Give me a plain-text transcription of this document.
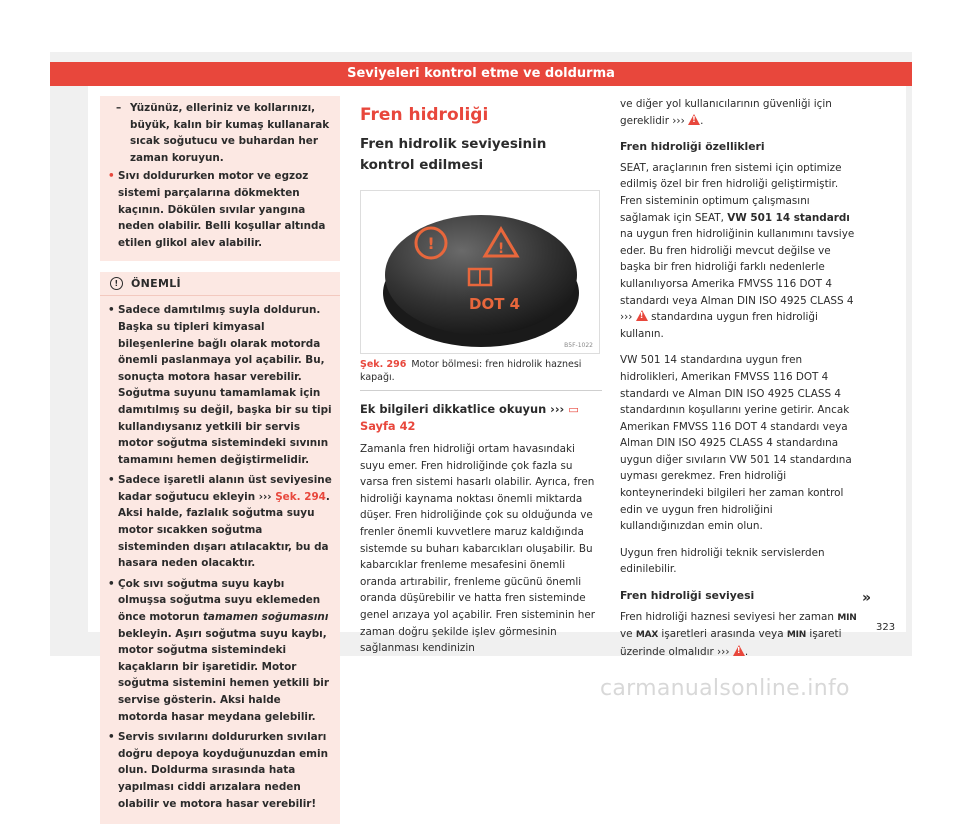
Seviyeleri kontrol etme ve doldurma
– Yüzünüz, elleriniz ve kollarınızı, büyük, kalın bir kumaş kullanarak sıcak soğutucu ve buhardan her zaman koruyun.
• Sıvı doldururken motor ve egzoz sistemi parçalarına dökmekten kaçının. Dökülen sıvılar yangına neden olabilir. Belli koşullar altında etilen glikol alev alabilir.
!	ÖNEMLİ
• Sadece damıtılmış suyla doldurun. Başka su tipleri kimyasal bileşenlerine bağlı olarak motorda önemli paslanmaya yol açabilir. Bu, sonuçta motora hasar verebilir. Soğutma suyunu tamamlamak için damıtılmış su değil, başka bir su tipi kullandıysanız yetkili bir servis motor soğutma sistemindeki sıvının tamamını hemen değiştirmelidir.
• Sadece işaretli alanın üst seviyesine kadar soğutucu ekleyin ››› Şek. 294. Aksi halde, fazlalık soğutma suyu motor sıcakken soğutma sisteminden dışarı atılacaktır, bu da hasara neden olacaktır.
• Çok sıvı soğutma suyu kaybı olmuşsa soğutma suyu eklemeden önce motorun tamamen soğumasını bekleyin. Aşırı soğutma suyu kaybı, motor soğutma sistemindeki kaçakların bir işaretidir. Motor soğutma sistemini hemen yetkili bir servise gösterin. Aksi halde motorda hasar meydana gelebilir.
• Servis sıvılarını doldururken sıvıları doğru depoya koyduğunuzdan emin olun. Doldurma sırasında hata yapılması ciddi arızalara neden olabilir ve motora hasar verebilir!
Fren hidroliği
Fren hidrolik seviyesinin kontrol edilmesi
!	!
DOT 4
B5F-1022
Şek. 296 Motor bölmesi: fren hidrolik haznesi kapağı.
Ek bilgileri dikkatlice okuyun ››› ▭ Sayfa 42
Zamanla fren hidroliği ortam havasındaki suyu emer. Fren hidroliğinde çok fazla su varsa fren sistemi hasarlı olabilir. Ayrıca, fren hidroliği kaynama noktası önemli miktarda düşer. Fren hidroliğinde çok su olduğunda ve frenler önemli kuvvetlere maruz kaldığında sistemde su buharı kabarcıkları oluşabilir. Bu kabarcıklar frenleme mesafesini önemli oranda artırabilir, frenleme gücünü önemli oranda düşürebilir ve hatta fren sisteminde genel arızaya yol açabilir. Fren sisteminin her zaman doğru şekilde işlev görmesinin sağlanması kendinizin

ve diğer yol kullanıcılarının güvenliği için gereklidir ››› ! .

Fren hidroliği özellikleri

SEAT, araçlarının fren sistemi için optimize edilmiş özel bir fren hidroliği geliştirmiştir. Fren sisteminin optimum çalışmasını sağlamak için SEAT, VW 501 14 standardı na uygun fren hidroliğinin kullanımını tavsiye eder. Bu fren hidroliği mevcut değilse ve başka bir fren hidroliği farklı nedenlerle kullanılıyorsa Amerika FMVSS 116 DOT 4 standardı veya Alman DIN ISO 4925 CLASS 4 ››› ! standardına uygun fren hidroliği kullanın.

VW 501 14 standardına uygun fren hidrolikleri, Amerikan FMVSS 116 DOT 4 standardı ve Alman DIN ISO 4925 CLASS 4 standardının koşullarını yerine getirir. Ancak Amerikan FMVSS 116 DOT 4 standardı veya Alman DIN ISO 4925 CLASS 4 standardına uygun diğer sıvıların VW 501 14 standardına uyması gerekmez. Fren hidroliği konteynerindeki bilgileri her zaman kontrol edin ve uygun fren hidroliğini kullandığınızdan emin olun.

Uygun fren hidroliği teknik servislerden edinilebilir.

Fren hidroliği seviyesi

Fren hidroliği haznesi seviyesi her zaman MIN ve MAX işaretleri arasında veya MIN işareti üzerinde olmalıdır ››› ! .

»
323
carmanualsonline.info
